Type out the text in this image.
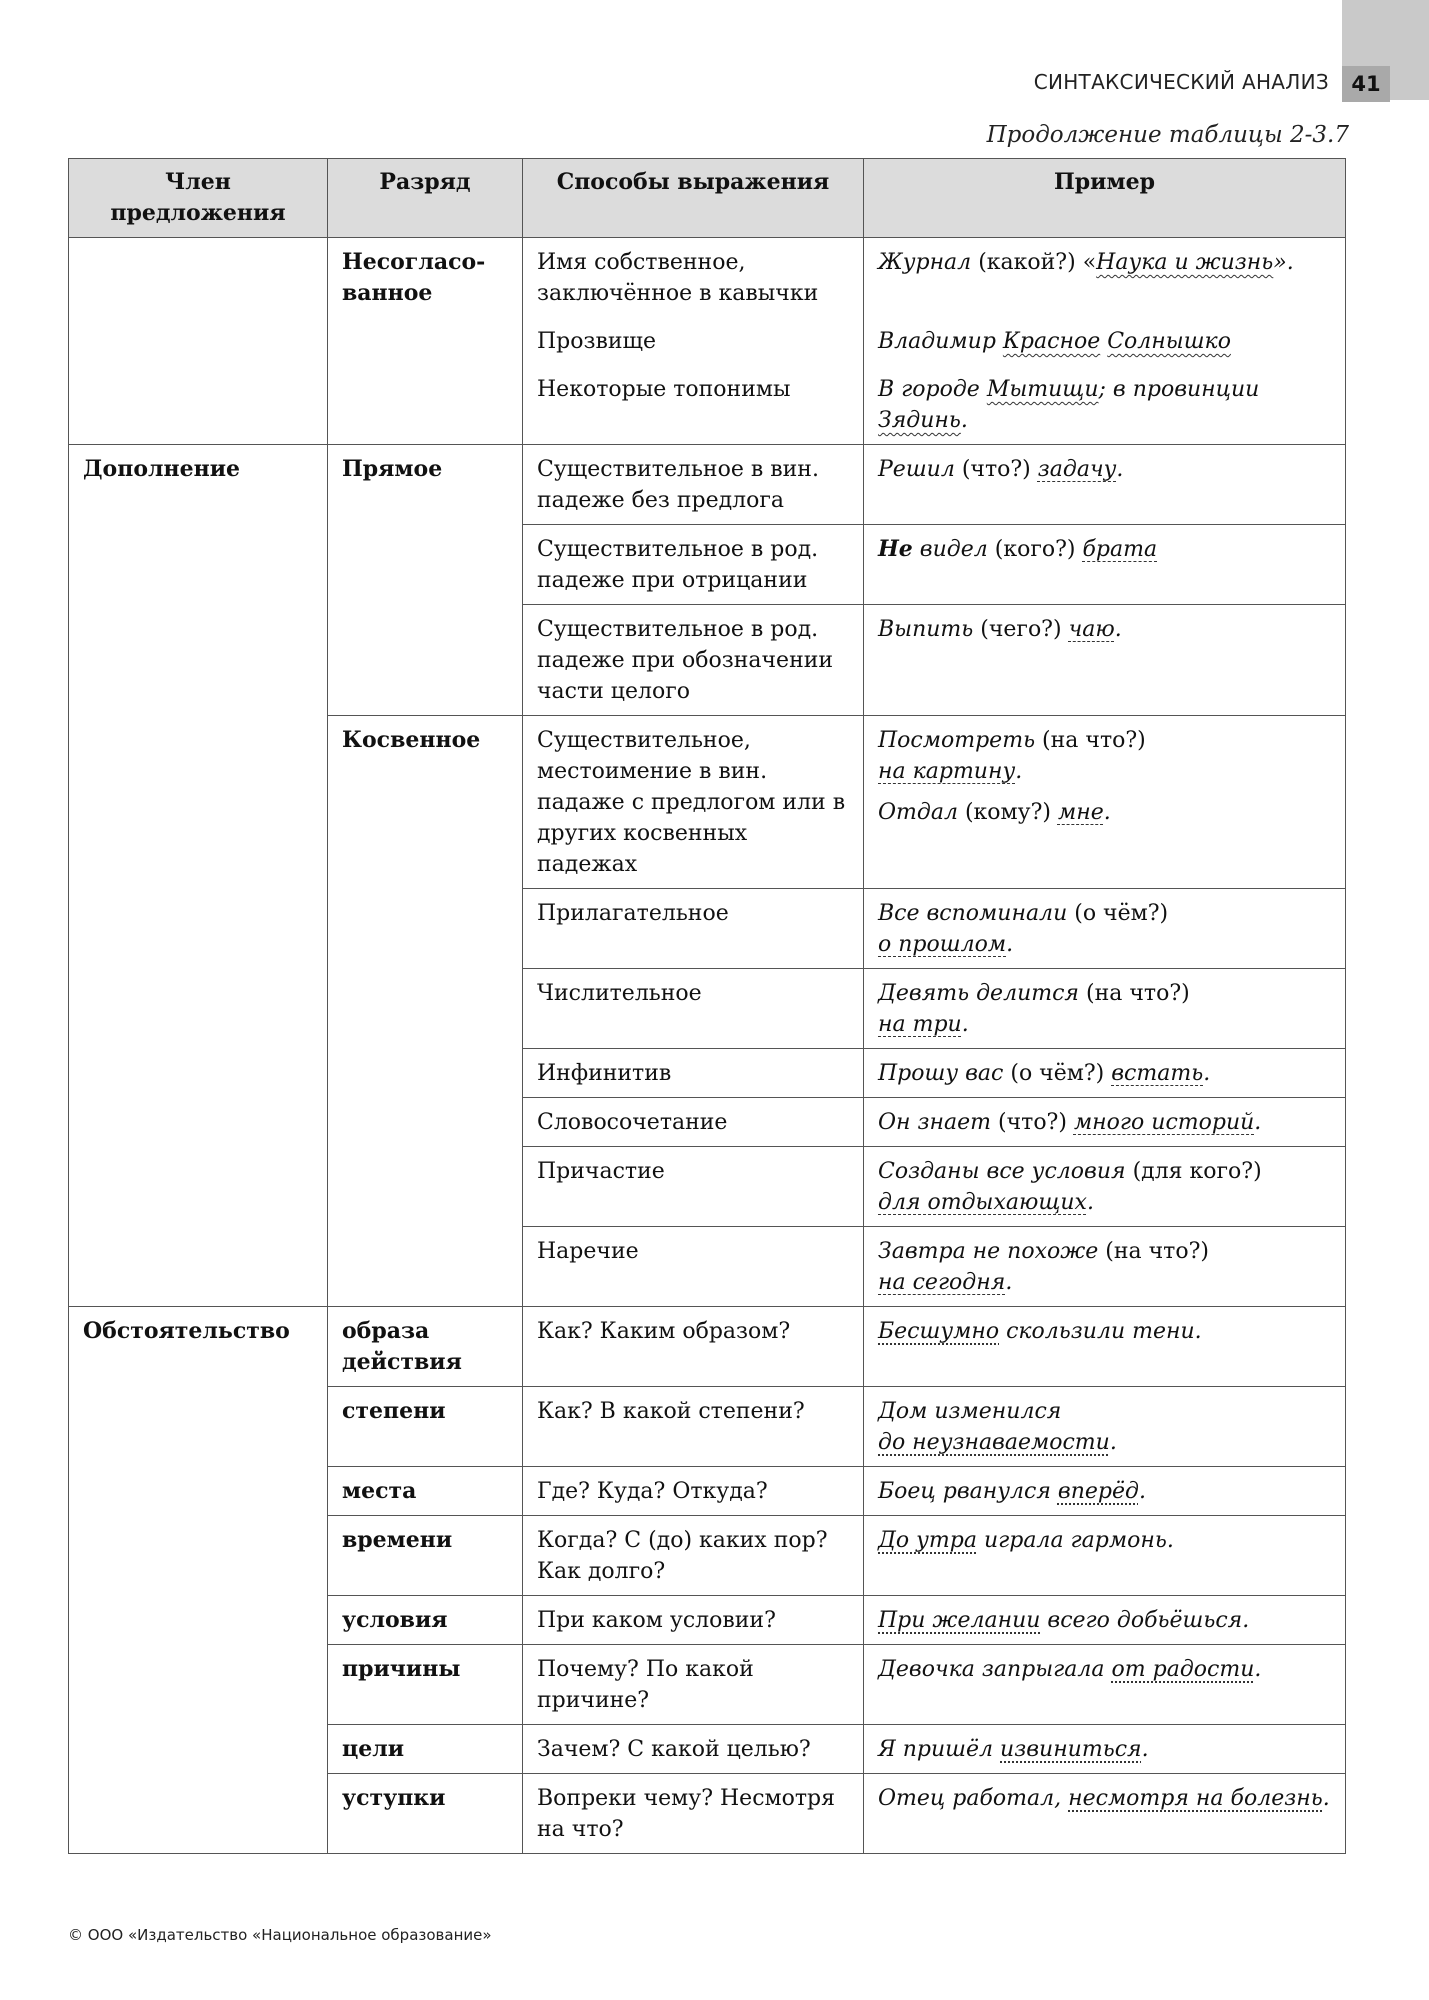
41
СИНТАКСИЧЕСКИЙ АНАЛИЗ
Продолжение таблицы 2-3.7
Член предложения	Разряд	Способы выражения	Пример
	Несогласо-ванное	Имя собственное, заключённое в кавычки	Журнал (какой?) «Наука и жизнь».
		Прозвище	Владимир Красное Солнышко
		Некоторые топонимы	В городе Мытищи; в провинции Зядинь.
Дополнение	Прямое	Существительное в вин. падеже без предлога	Решил (что?) задачу.
		Существительное в род. падеже при отрицании	Не видел (кого?) брата
		Существительное в род. падеже при обозначении части целого	Выпить (чего?) чаю.
	Косвенное	Существительное, местоимение в вин. падаже с предлогом или в других косвенных падежах	Посмотреть (на что?)
на картину.
Отдал (кому?) мне.

		Прилагательное	Все вспоминали (о чём?)
о прошлом.
		Числительное	Девять делится (на что?)
на три.
		Инфинитив	Прошу вас (о чём?) встать.
		Словосочетание	Он знает (что?) много историй.
		Причастие	Созданы все условия (для кого?)
для отдыхающих.
		Наречие	Завтра не похоже (на что?)
на сегодня.
Обстоятельство	образа действия	Как? Каким образом?	Бесшумно скользили тени.
	степени	Как? В какой степени?	Дом изменился
до неузнаваемости.
	места	Где? Куда? Откуда?	Боец рванулся вперёд.
	времени	Когда? С (до) каких пор? Как долго?	До утра играла гармонь.
	условия	При каком условии?	При желании всего добьёшься.
	причины	Почему? По какой причине?	Девочка запрыгала от радости.
	цели	Зачем? С какой целью?	Я пришёл извиниться.
	уступки	Вопреки чему? Несмотря на что?	Отец работал, несмотря на болезнь.
© ООО «Издательство «Национальное образование»
